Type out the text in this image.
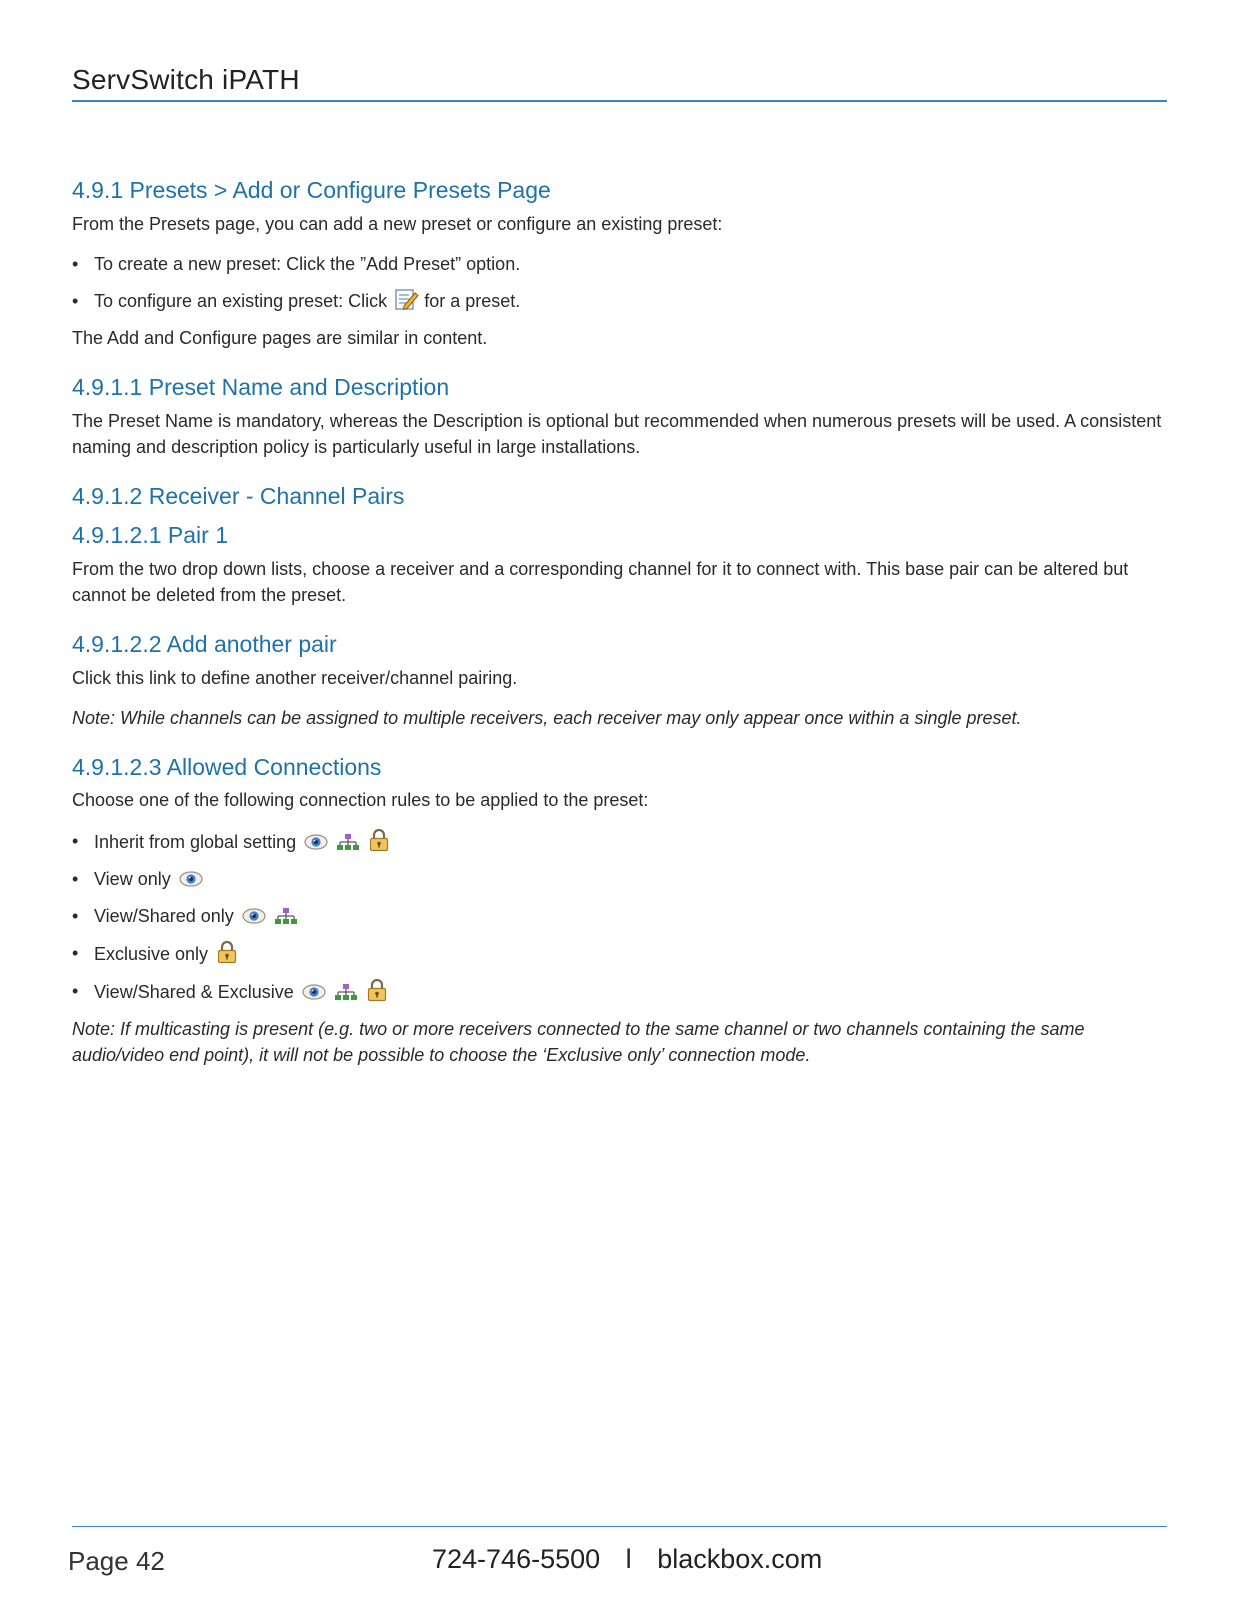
ServSwitch iPATH
4.9.1 Presets > Add or Configure Presets Page

From the Presets page, you can add a new preset or configure an existing preset:

• To create a new preset: Click the ”Add Preset” option.
• To configure an existing preset: Click for a preset.

The Add and Configure pages are similar in content.

4.9.1.1 Preset Name and Description

The Preset Name is mandatory, whereas the Description is optional but recommended when numerous presets will be used. A consistent naming and description policy is particularly useful in large installations.

4.9.1.2 Receiver - Channel Pairs
4.9.1.2.1 Pair 1

From the two drop down lists, choose a receiver and a corresponding channel for it to connect with. This base pair can be altered but cannot be deleted from the preset.

4.9.1.2.2 Add another pair

Click this link to define another receiver/channel pairing.

Note: While channels can be assigned to multiple receivers, each receiver may only appear once within a single preset.

4.9.1.2.3 Allowed Connections

Choose one of the following connection rules to be applied to the preset:

• Inherit from global setting
• View only
• View/Shared only
• Exclusive only
• View/Shared & Exclusive

Note: If multicasting is present (e.g. two or more receivers connected to the same channel or two channels containing the same audio/video end point), it will not be possible to choose the ‘Exclusive only’ connection mode.

Page 42	724-746-5500 l blackbox.com
